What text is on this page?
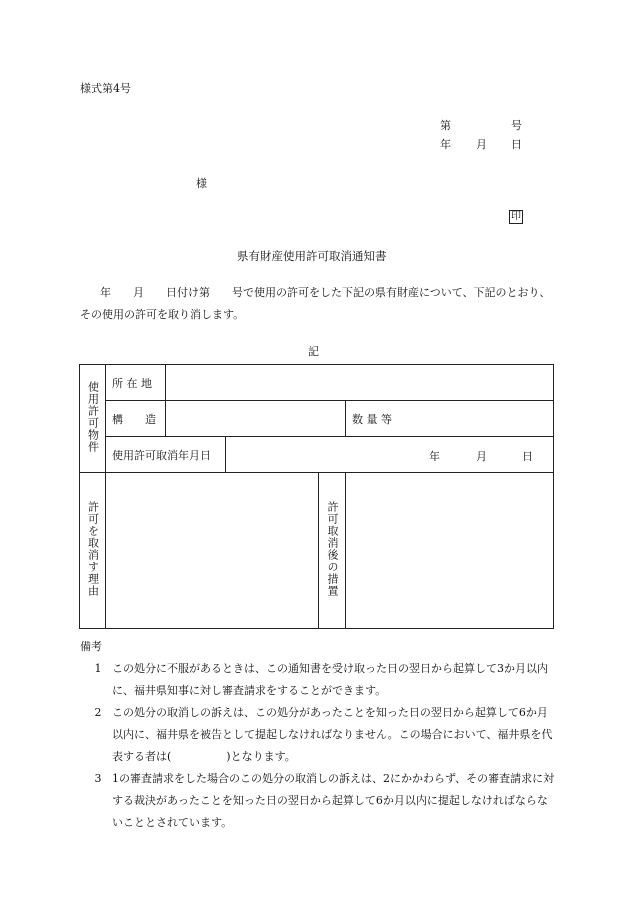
様式第4号
第	号
年 月 日
様
印
県有財産使用許可取消通知書
年　　月　　日付け第　　号で使用の許可をした下記の県有財産について、下記のとおり、その使用の許可を取り消します。
記
使用許可物件	所 在 地					
	構　　造				数 量 等	
	使用許可取消年月日		年 月 日			

許可を取消す理由				許可取消後の措置		
備考
1 この処分に不服があるときは、この通知書を受け取った日の翌日から起算して3か月以内に、福井県知事に対し審査請求をすることができます。
2 この処分の取消しの訴えは、この処分があったことを知った日の翌日から起算して6か月以内に、福井県を被告として提起しなければなりません。この場合において、福井県を代表する者は(　　　　　)となります。
3 1の審査請求をした場合のこの処分の取消しの訴えは、2にかかわらず、その審査請求に対する裁決があったことを知った日の翌日から起算して6か月以内に提起しなければならないこととされています。
